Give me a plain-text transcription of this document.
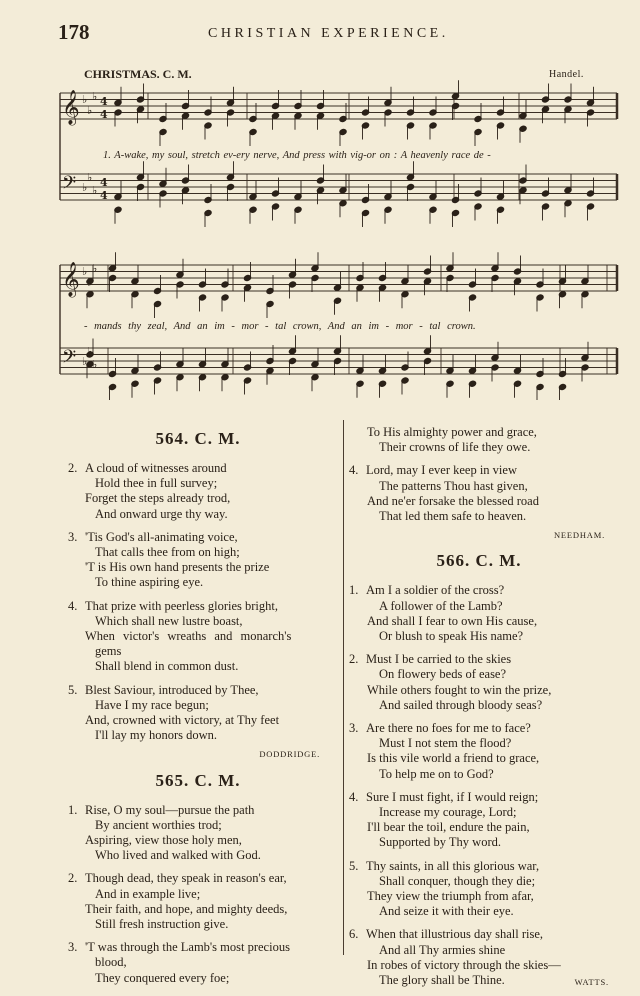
178	CHRISTIAN EXPERIENCE.
CHRISTMAS. C. M.	Handel.
𝄞 ♭
♭
♭ 4
4
𝄢 ♭
♭
♭
4
4
𝄞 ♭
♭
♭
𝄢 ♭
♭
♭
1. A-wake, my soul, stretch ev-ery nerve, And press with vig-or on : A heavenly race de -
- mands thy zeal, And an im - mor - tal crown, And an im - mor - tal crown.
564. C. M.
2. A cloud of witnesses around
Hold thee in full survey;
Forget the steps already trod,
And onward urge thy way.
3. 'Tis God's all-animating voice,
That calls thee from on high;
'T is His own hand presents the prize
To thine aspiring eye.
4. That prize with peerless glories bright,
Which shall new lustre boast,
When victor's wreaths and monarch's
gems
Shall blend in common dust.
5. Blest Saviour, introduced by Thee,
Have I my race begun;
And, crowned with victory, at Thy feet
I'll lay my honors down.
DODDRIDGE.
565. C. M.
1. Rise, O my soul—pursue the path
By ancient worthies trod;
Aspiring, view those holy men,
Who lived and walked with God.
2. Though dead, they speak in reason's ear,
And in example live;
Their faith, and hope, and mighty deeds,
Still fresh instruction give.
3. 'T was through the Lamb's most precious
blood,
They conquered every foe;
To His almighty power and grace,
Their crowns of life they owe.
4. Lord, may I ever keep in view
The patterns Thou hast given,
And ne'er forsake the blessed road
That led them safe to heaven.
NEEDHAM.
566. C. M.
1. Am I a soldier of the cross?
A follower of the Lamb?
And shall I fear to own His cause,
Or blush to speak His name?
2. Must I be carried to the skies
On flowery beds of ease?
While others fought to win the prize,
And sailed through bloody seas?
3. Are there no foes for me to face?
Must I not stem the flood?
Is this vile world a friend to grace,
To help me on to God?
4. Sure I must fight, if I would reign;
Increase my courage, Lord;
I'll bear the toil, endure the pain,
Supported by Thy word.
5. Thy saints, in all this glorious war,
Shall conquer, though they die;
They view the triumph from afar,
And seize it with their eye.
6. When that illustrious day shall rise,
And all Thy armies shine
In robes of victory through the skies—
The glory shall be Thine.	WATTS.
